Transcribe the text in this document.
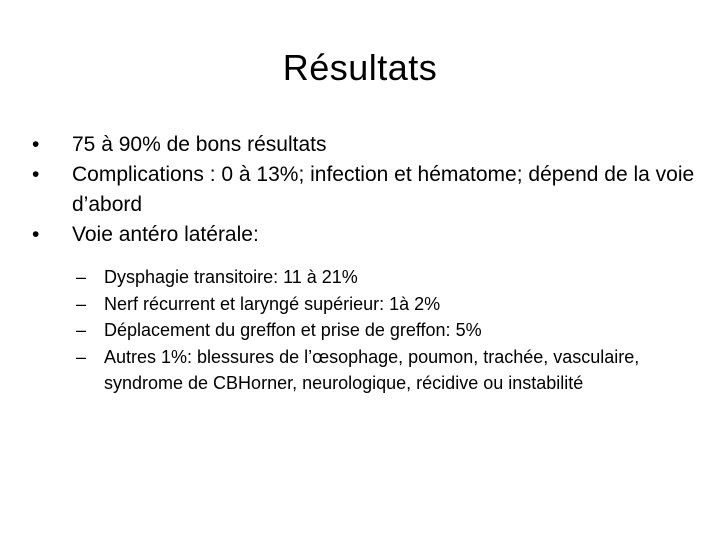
Résultats
•	75 à 90% de bons résultats
•	Complications : 0 à 13%; infection et hématome; dépend de la voie d’abord
•	Voie antéro latérale:
– Dysphagie transitoire: 11 à 21%
– Nerf récurrent et laryngé supérieur: 1à 2%
– Déplacement du greffon et prise de greffon: 5%
– Autres 1%: blessures de l’œsophage, poumon, trachée, vasculaire, syndrome de CBHorner, neurologique, récidive ou instabilité
